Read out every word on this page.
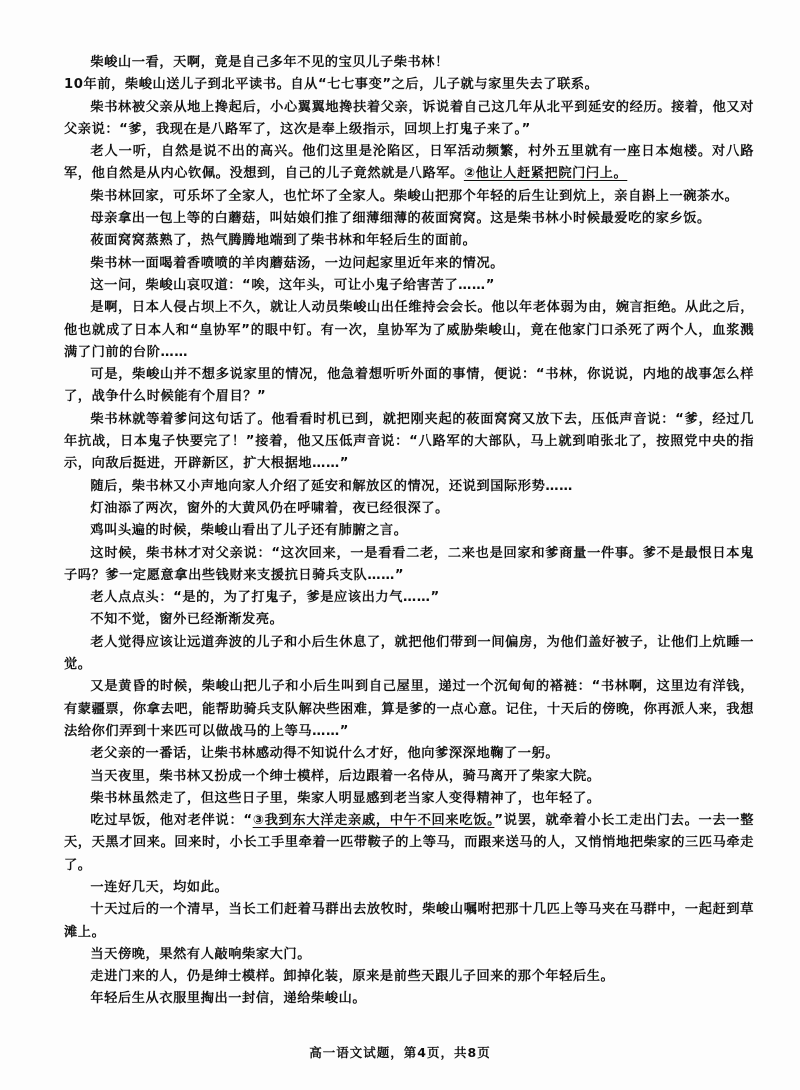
柴峻山一看，天啊，竟是自己多年不见的宝贝儿子柴书林！

10年前，柴峻山送儿子到北平读书。自从“七七事变”之后，儿子就与家里失去了联系。

柴书林被父亲从地上搀起后，小心翼翼地搀扶着父亲，诉说着自己这几年从北平到延安的经历。接着，他又对父亲说：“爹，我现在是八路军了，这次是奉上级指示，回坝上打鬼子来了。”

老人一听，自然是说不出的高兴。他们这里是沦陷区，日军活动频繁，村外五里就有一座日本炮楼。对八路军，他自然是从内心钦佩。没想到，自己的儿子竟然就是八路军。②他让人赶紧把院门闩上。

柴书林回家，可乐坏了全家人，也忙坏了全家人。柴峻山把那个年轻的后生让到炕上，亲自斟上一碗茶水。

母亲拿出一包上等的白蘑菇，叫姑娘们推了细薄细薄的莜面窝窝。这是柴书林小时候最爱吃的家乡饭。

莜面窝窝蒸熟了，热气腾腾地端到了柴书林和年轻后生的面前。

柴书林一面喝着香喷喷的羊肉蘑菇汤，一边问起家里近年来的情况。

这一问，柴峻山哀叹道：“唉，这年头，可让小鬼子给害苦了……”

是啊，日本人侵占坝上不久，就让人动员柴峻山出任维持会会长。他以年老体弱为由，婉言拒绝。从此之后，他也就成了日本人和“皇协军”的眼中钉。有一次，皇协军为了威胁柴峻山，竟在他家门口杀死了两个人，血浆溅满了门前的台阶……

可是，柴峻山并不想多说家里的情况，他急着想听听外面的事情，便说：“书林，你说说，内地的战事怎么样了，战争什么时候能有个眉目？”

柴书林就等着爹问这句话了。他看看时机已到，就把刚夹起的莜面窝窝又放下去，压低声音说：“爹，经过几年抗战，日本鬼子快要完了！”接着，他又压低声音说：“八路军的大部队，马上就到咱张北了，按照党中央的指示，向敌后挺进，开辟新区，扩大根据地……”

随后，柴书林又小声地向家人介绍了延安和解放区的情况，还说到国际形势……

灯油添了两次，窗外的大黄风仍在呼啸着，夜已经很深了。

鸡叫头遍的时候，柴峻山看出了儿子还有肺腑之言。

这时候，柴书林才对父亲说：“这次回来，一是看看二老，二来也是回家和爹商量一件事。爹不是最恨日本鬼子吗？爹一定愿意拿出些钱财来支援抗日骑兵支队……”

老人点点头：“是的，为了打鬼子，爹是应该出力气……”

不知不觉，窗外已经渐渐发亮。

老人觉得应该让远道奔波的儿子和小后生休息了，就把他们带到一间偏房，为他们盖好被子，让他们上炕睡一觉。

又是黄昏的时候，柴峻山把儿子和小后生叫到自己屋里，递过一个沉甸甸的褡裢：“书林啊，这里边有洋钱，有蒙疆票，你拿去吧，能帮助骑兵支队解决些困难，算是爹的一点心意。记住，十天后的傍晚，你再派人来，我想法给你们弄到十来匹可以做战马的上等马……”

老父亲的一番话，让柴书林感动得不知说什么才好，他向爹深深地鞠了一躬。

当天夜里，柴书林又扮成一个绅士模样，后边跟着一名侍从，骑马离开了柴家大院。

柴书林虽然走了，但这些日子里，柴家人明显感到老当家人变得精神了，也年轻了。

吃过早饭，他对老伴说：“③我到东大洋走亲戚，中午不回来吃饭。”说罢，就牵着小长工走出门去。一去一整天，天黑才回来。回来时，小长工手里牵着一匹带鞍子的上等马，而跟来送马的人，又悄悄地把柴家的三匹马牵走了。

一连好几天，均如此。

十天过后的一个清早，当长工们赶着马群出去放牧时，柴峻山嘱咐把那十几匹上等马夹在马群中，一起赶到草滩上。

当天傍晚，果然有人敲响柴家大门。

走进门来的人，仍是绅士模样。卸掉化装，原来是前些天跟儿子回来的那个年轻后生。

年轻后生从衣服里掏出一封信，递给柴峻山。

高一语文试题，第4页，共8页
